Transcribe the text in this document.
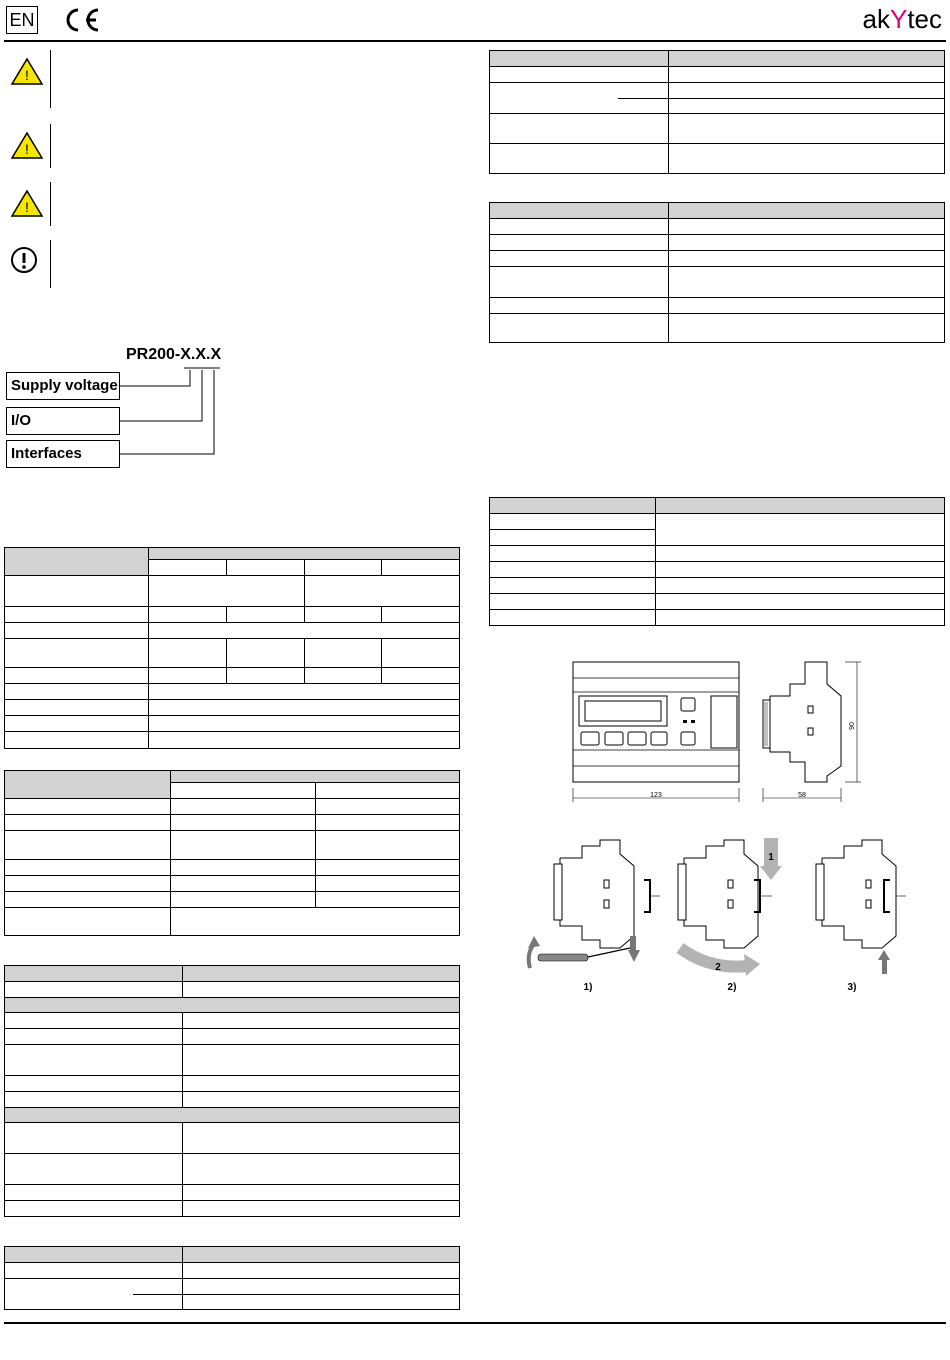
EN	akYtec
!
!
!
PR200-X.X.X
Supply voltage
I/O
Interfaces

123
90
58
1
2
1)	2)	3)
